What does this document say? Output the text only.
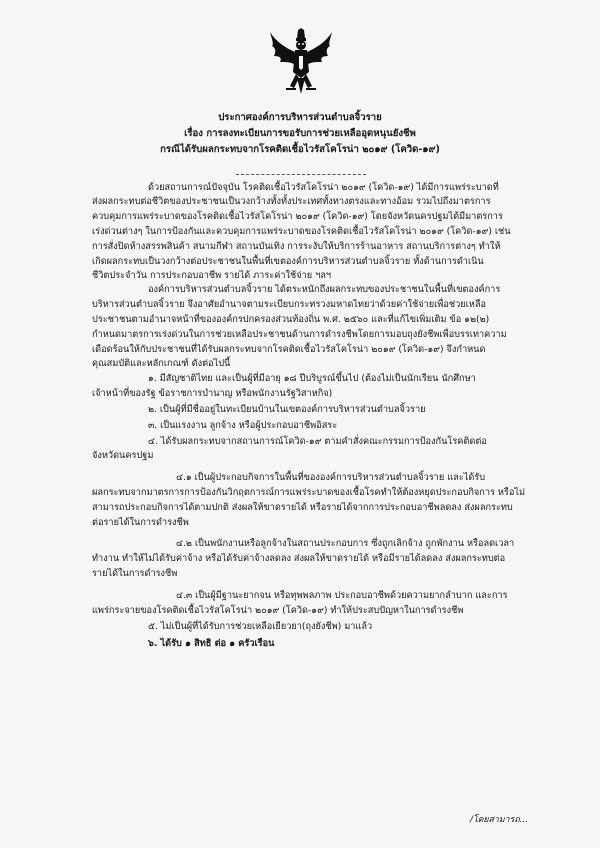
ประกาศองค์การบริหารส่วนตำบลจิ้วราย
เรื่อง การลงทะเบียนการขอรับการช่วยเหลืออุดหนุนยังชีพ
กรณีได้รับผลกระทบจากโรคติดเชื้อไวรัสโคโรน่า ๒๐๑๙ (โควิด-๑๙)
ด้วยสถานการณ์ปัจจุบัน โรคติดเชื้อไวรัสโคโรน่า ๒๐๑๙ (โควิด-๑๙) ได้มีการแพร่ระบาดที่
ส่งผลกระทบต่อชีวิตของประชาชนเป็นวงกว้างทั้งทั้งประเทศทั้งทางตรงและทางอ้อม รวมไปถึงมาตรการ
ควบคุมการแพร่ระบาดของโรคติดเชื้อไวรัสโคโรน่า ๒๐๑๙ (โควิด-๑๙) โดยจังหวัดนครปฐมได้มีมาตรการ
เร่งด่วนต่างๆ ในการป้องกันและควบคุมการแพร่ระบาดของโรคติดเชื้อไวรัสโคโรน่า ๒๐๑๙ (โควิด-๑๙) เช่น
การสั่งปิดห้างสรรพสินค้า สนามกีฬา สถานบันเทิง การระงับให้บริการร้านอาหาร สถานบริการต่างๆ ทำให้
เกิดผลกระทบเป็นวงกว้างต่อประชาชนในพื้นที่เขตองค์การบริหารส่วนตำบลจิ้วราย ทั้งด้านการดำเนิน
ชีวิตประจำวัน การประกอบอาชีพ รายได้ ภาระค่าใช้จ่าย ฯลฯ
องค์การบริหารส่วนตำบลจิ้วราย ได้ตระหนักถึงผลกระทบของประชาชนในพื้นที่เขตองค์การ
บริหารส่วนตำบลจิ้วราย จึงอาศัยอำนาจตามระเบียบกระทรวงมหาดไทยว่าด้วยค่าใช้จ่ายเพื่อช่วยเหลือ
ประชาชนตามอำนาจหน้าที่ขององค์กรปกครองส่วนท้องถิ่น พ.ศ. ๒๕๖๐ และที่แก้ไขเพิ่มเติม ข้อ ๑๒(๒)
กำหนดมาตรการเร่งด่วนในการช่วยเหลือประชาชนด้านการดำรงชีพโดยการมอบถุงยังชีพเพื่อบรรเทาความ
เดือดร้อนให้กับประชาชนที่ได้รับผลกระทบจากโรคติดเชื้อไวรัสโคโรน่า ๒๐๑๙ (โควิด-๑๙) จึงกำหนด
คุณสมบัติและหลักเกณฑ์ ดังต่อไปนี้
๑. มีสัญชาติไทย และเป็นผู้ที่มีอายุ ๑๘ ปีบริบูรณ์ขึ้นไป (ต้องไม่เป็นนักเรียน นักศึกษา
เจ้าหน้าที่ของรัฐ ข้อราชการบำนาญ หรือพนักงานรัฐวิสาหกิจ)
๒. เป็นผู้ที่มีชื่ออยู่ในทะเบียนบ้านในเขตองค์การบริหารส่วนตำบลจิ้วราย
๓. เป็นแรงงาน ลูกจ้าง หรือผู้ประกอบอาชีพอิสระ
๔. ได้รับผลกระทบจากสถานการณ์โควิด-๑๙ ตามคำสั่งคณะกรรมการป้องกันโรคติดต่อ
จังหวัดนครปฐม
๔.๑ เป็นผู้ประกอบกิจการในพื้นที่ขององค์การบริหารส่วนตำบลจิ้วราย และได้รับ
ผลกระทบจากมาตรการการป้องกันวิกฤตการณ์การแพร่ระบาดของเชื้อโรคทำให้ต้องหยุดประกอบกิจการ หรือไม่
สามารถประกอบกิจการได้ตามปกติ ส่งผลให้ขาดรายได้ หรือรายได้จากการประกอบอาชีพลดลง ส่งผลกระทบ
ต่อรายได้ในการดำรงชีพ
๔.๒ เป็นพนักงานหรือลูกจ้างในสถานประกอบการ ซึ่งถูกเลิกจ้าง ถูกพักงาน หรือลดเวลา
ทำงาน ทำให้ไม่ได้รับค่าจ้าง หรือได้รับค่าจ้างลดลง ส่งผลให้ขาดรายได้ หรือมีรายได้ลดลง ส่งผลกระทบต่อ
รายได้ในการดำรงชีพ
๔.๓ เป็นผู้มีฐานะยากจน หรือทุพพลภาพ ประกอบอาชีพด้วยความยากลำบาก และการ
แพร่กระจายของโรคติดเชื้อไวรัสโคโรน่า ๒๐๑๙ (โควิด-๑๙) ทำให้ประสบปัญหาในการดำรงชีพ
๕. ไม่เป็นผู้ที่ได้รับการช่วยเหลือเยียวยา(ถุงยังชีพ) มาแล้ว
๖. ได้รับ ๑ สิทธิ ต่อ ๑ ครัวเรือน
/โดยสามารถ...
